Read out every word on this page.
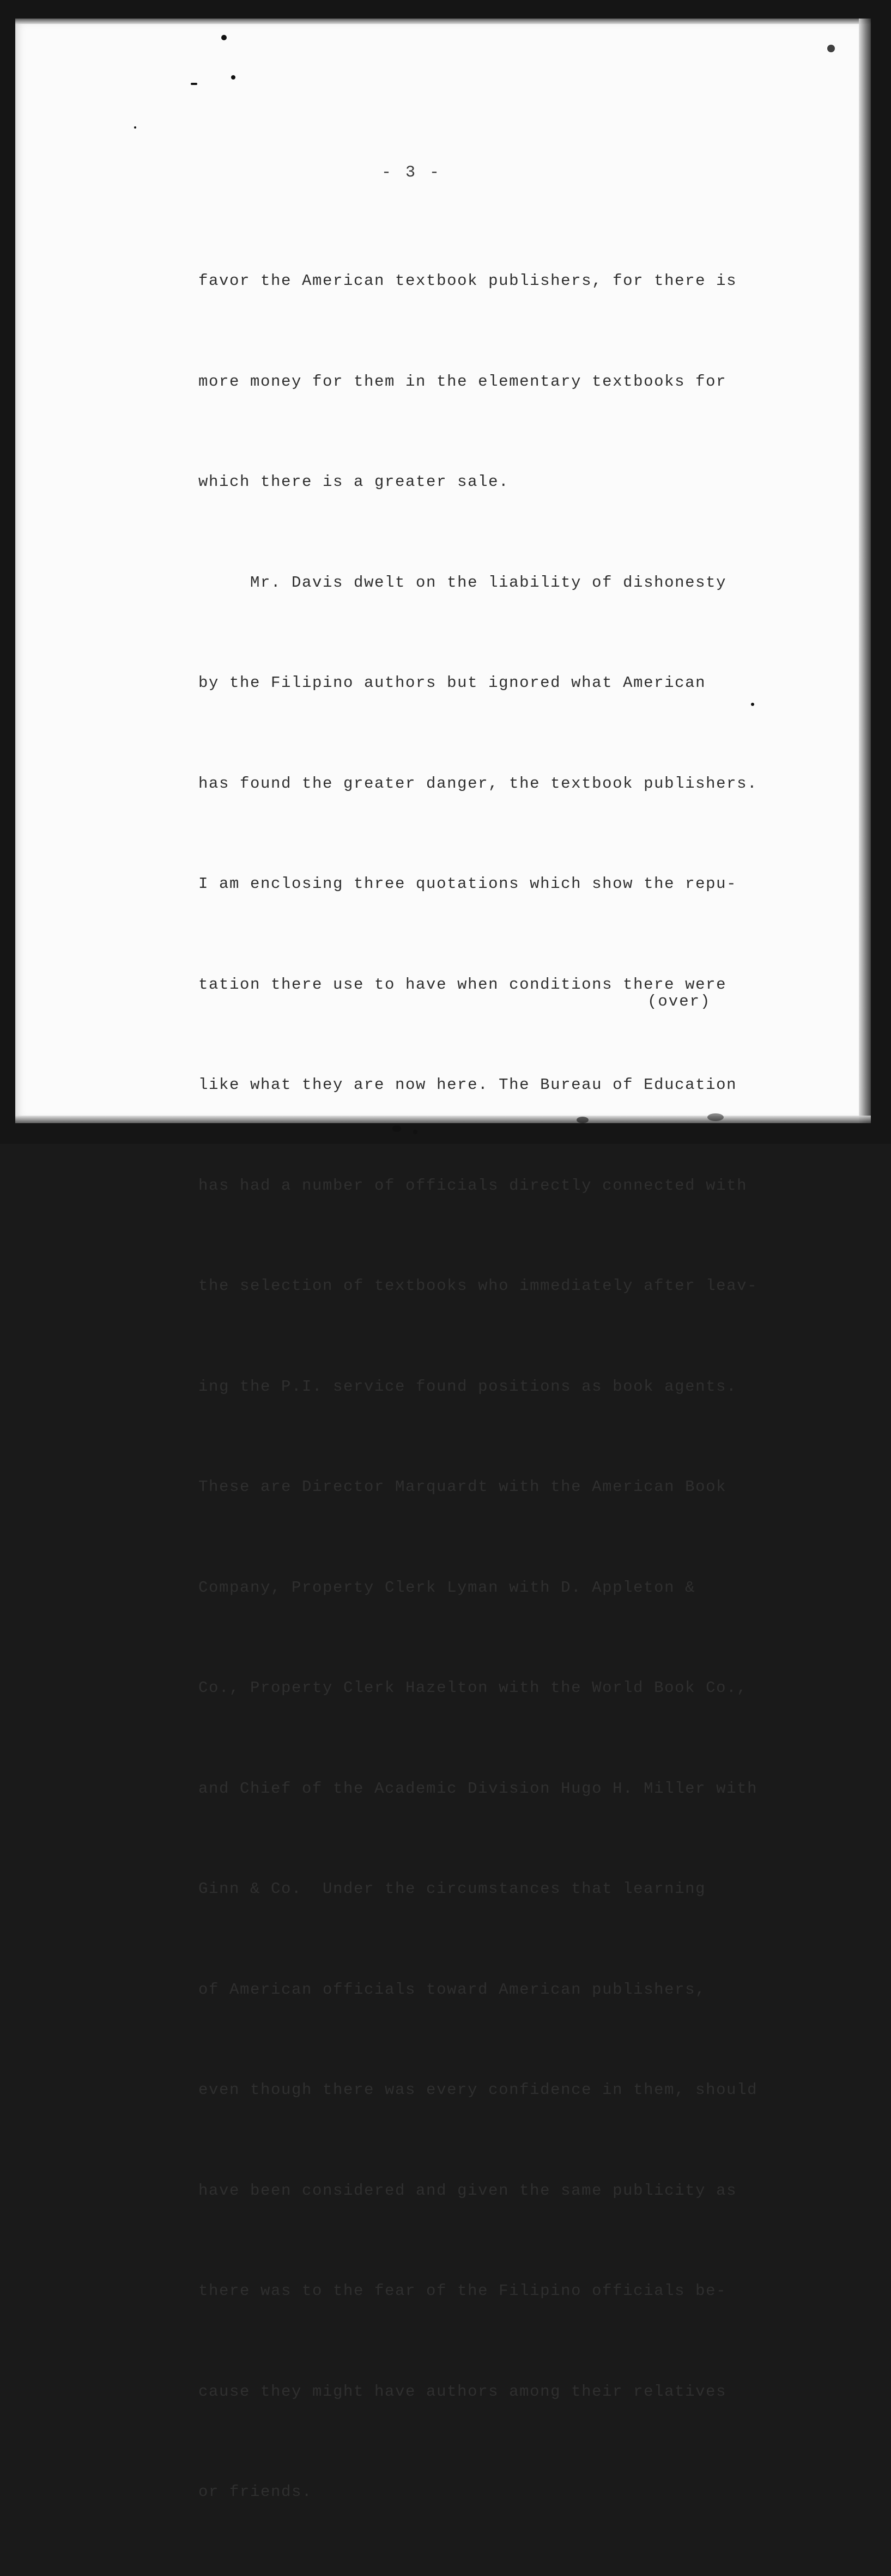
- 3 -

favor the American textbook publishers, for there is

more money for them in the elementary textbooks for

which there is a greater sale.

Mr. Davis dwelt on the liability of dishonesty

by the Filipino authors but ignored what American

has found the greater danger, the textbook publishers.

I am enclosing three quotations which show the repu-

tation there use to have when conditions there were

like what they are now here. The Bureau of Education

has had a number of officials directly connected with

the selection of textbooks who immediately after leav-

ing the P.I. service found positions as book agents.

These are Director Marquardt with the American Book

Company, Property Clerk Lyman with D. Appleton &

Co., Property Clerk Hazelton with the World Book Co.,

and Chief of the Academic Division Hugo H. Miller with

Ginn & Co.  Under the circumstances that learning

of American officials toward American publishers,

even though there was every confidence in them, should

have been considered and given the same publicity as

there was to the fear of the Filipino officials be-

cause they might have authors among their relatives

or friends.

(over)
